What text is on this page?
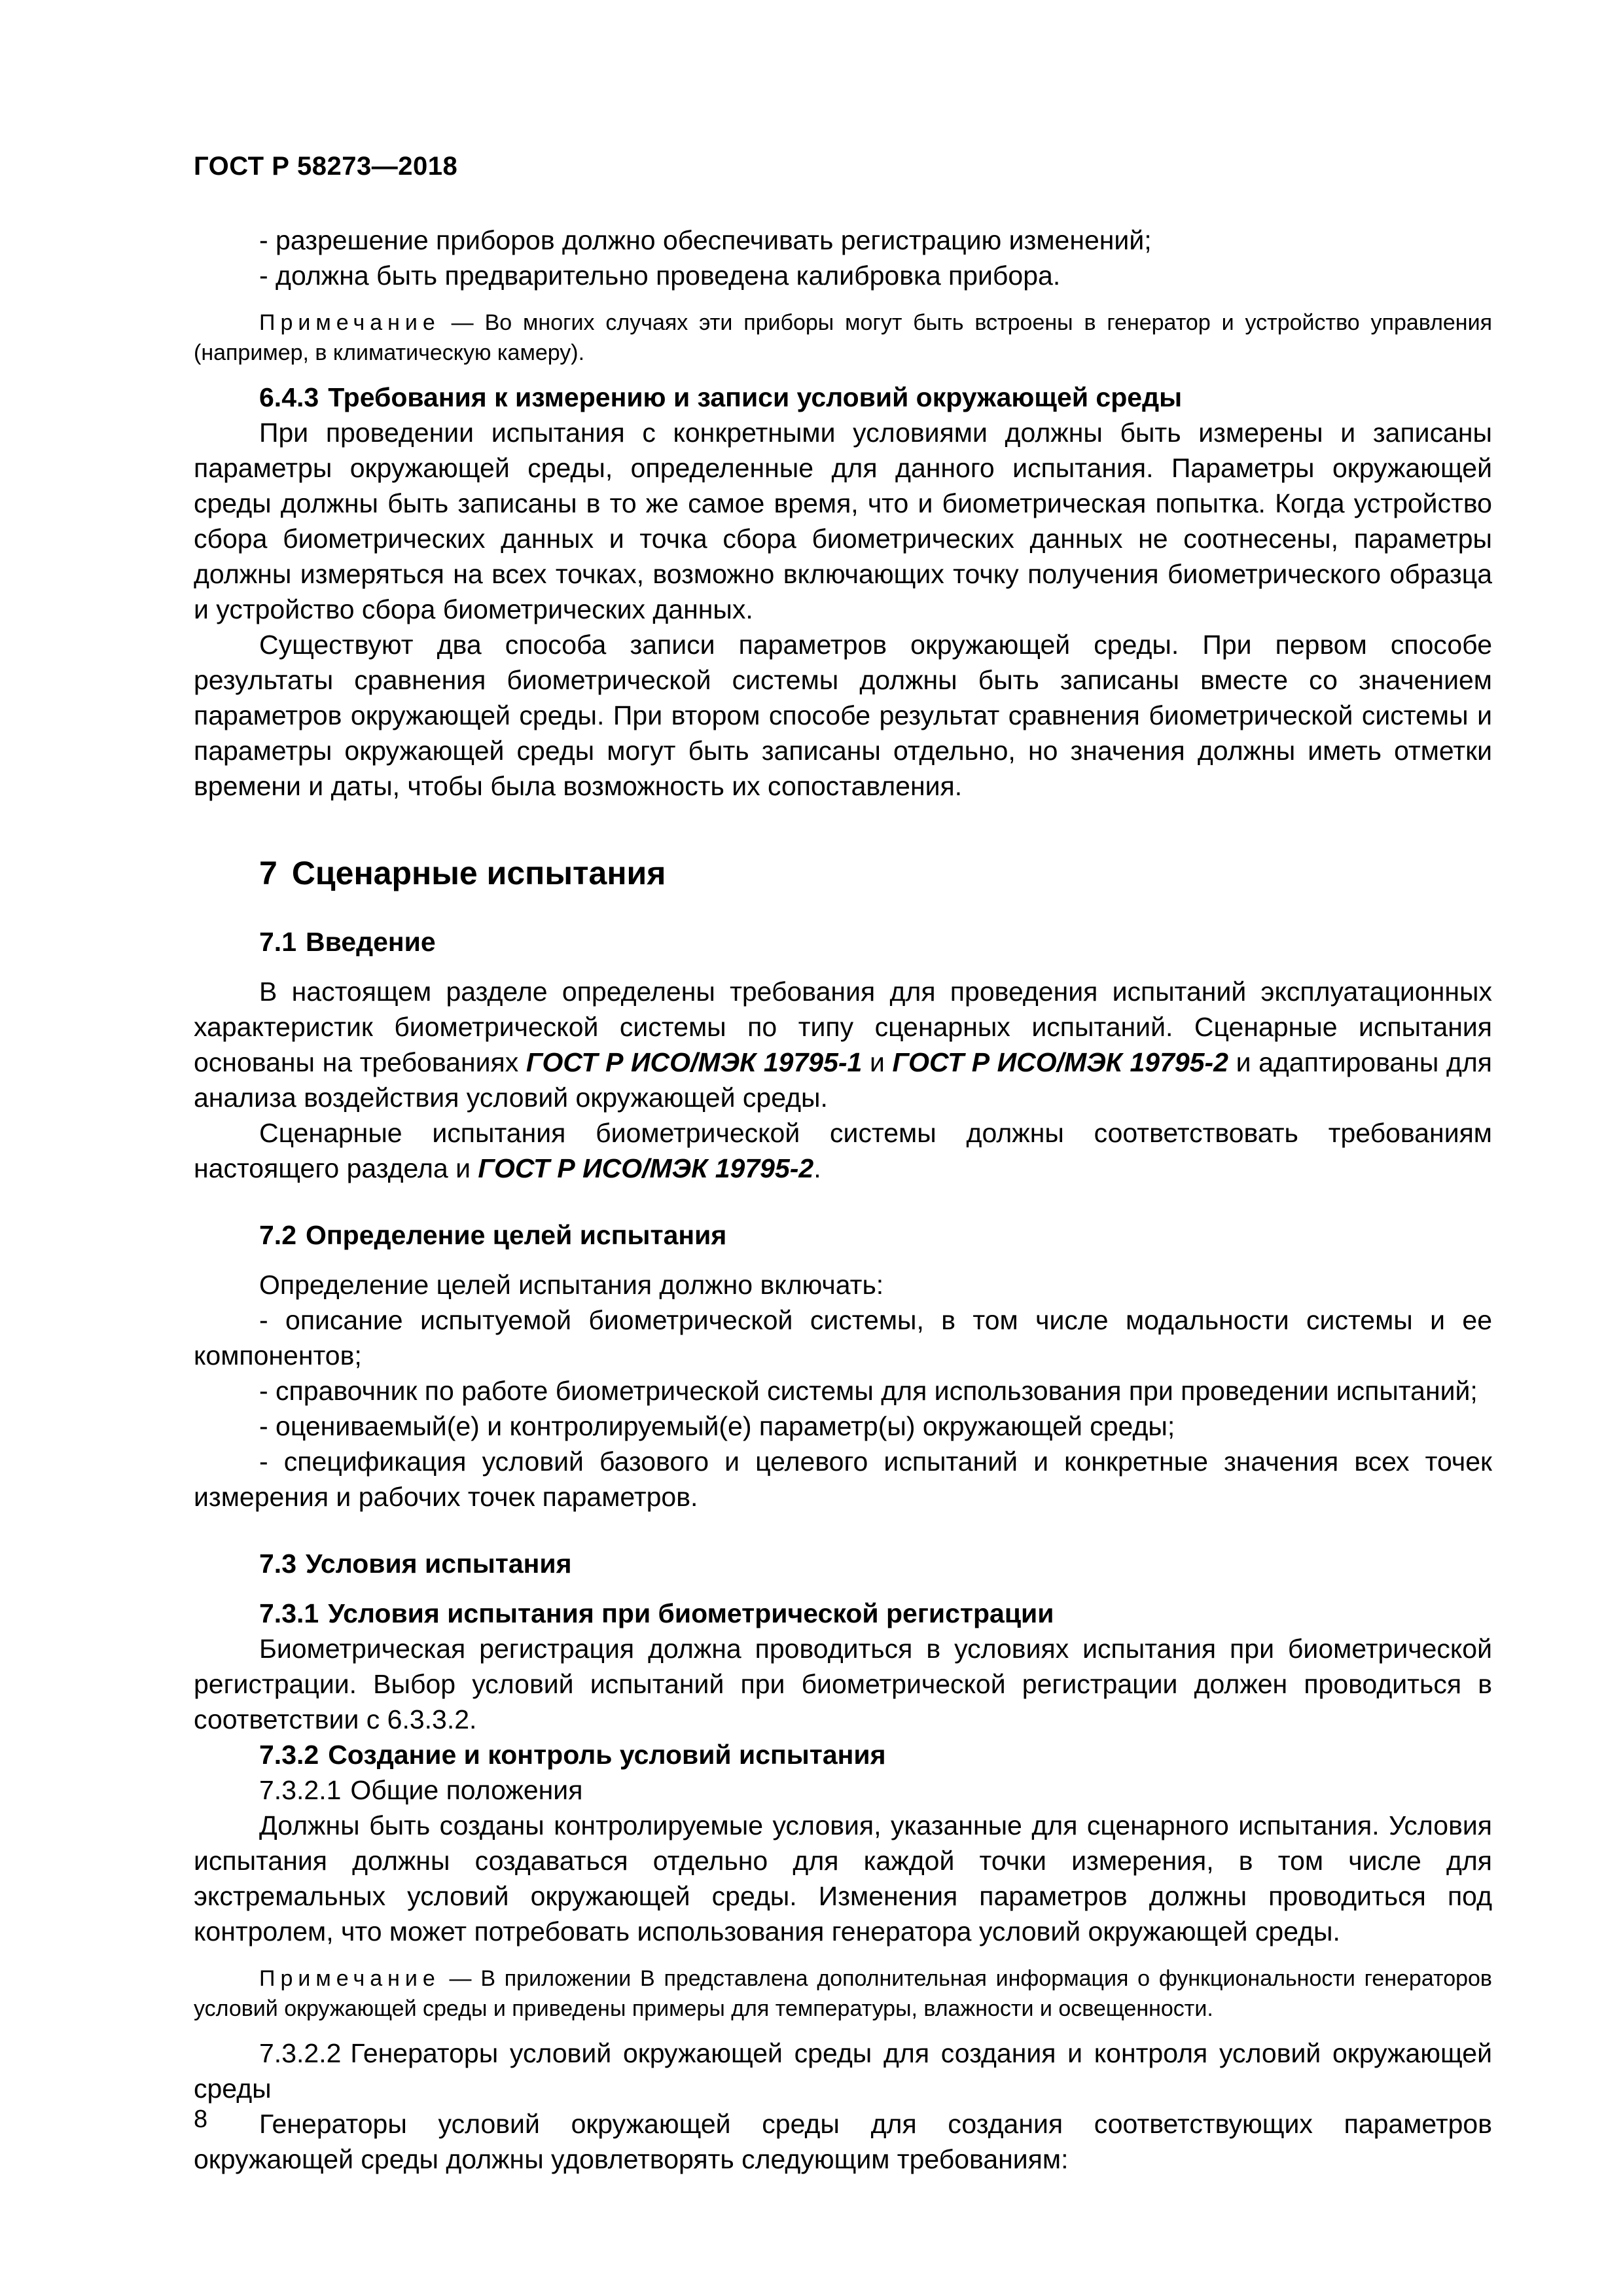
ГОСТ Р 58273—2018

- разрешение приборов должно обеспечивать регистрацию изменений;

- должна быть предварительно проведена калибровка прибора.

Примечание — Во многих случаях эти приборы могут быть встроены в генератор и устройство управления (например, в климатическую камеру).

6.4.3 Требования к измерению и записи условий окружающей среды

При проведении испытания с конкретными условиями должны быть измерены и записаны параметры окружающей среды, определенные для данного испытания. Параметры окружающей среды должны быть записаны в то же самое время, что и биометрическая попытка. Когда устройство сбора биометрических данных и точка сбора биометрических данных не соотнесены, параметры должны измеряться на всех точках, возможно включающих точку получения биометрического образца и устройство сбора биометрических данных.

Существуют два способа записи параметров окружающей среды. При первом способе результаты сравнения биометрической системы должны быть записаны вместе со значением параметров окружающей среды. При втором способе результат сравнения биометрической системы и параметры окружающей среды могут быть записаны отдельно, но значения должны иметь отметки времени и даты, чтобы была возможность их сопоставления.

7 Сценарные испытания
7.1 Введение

В настоящем разделе определены требования для проведения испытаний эксплуатационных характеристик биометрической системы по типу сценарных испытаний. Сценарные испытания основаны на требованиях ГОСТ Р ИСО/МЭК 19795-1 и ГОСТ Р ИСО/МЭК 19795-2 и адаптированы для анализа воздействия условий окружающей среды.

Сценарные испытания биометрической системы должны соответствовать требованиям настоящего раздела и ГОСТ Р ИСО/МЭК 19795-2.

7.2 Определение целей испытания

Определение целей испытания должно включать:

- описание испытуемой биометрической системы, в том числе модальности системы и ее компонентов;

- справочник по работе биометрической системы для использования при проведении испытаний;

- оцениваемый(е) и контролируемый(е) параметр(ы) окружающей среды;

- спецификация условий базового и целевого испытаний и конкретные значения всех точек измерения и рабочих точек параметров.

7.3 Условия испытания
7.3.1 Условия испытания при биометрической регистрации

Биометрическая регистрация должна проводиться в условиях испытания при биометрической регистрации. Выбор условий испытаний при биометрической регистрации должен проводиться в соответствии с 6.3.3.2.

7.3.2 Создание и контроль условий испытания
7.3.2.1 Общие положения

Должны быть созданы контролируемые условия, указанные для сценарного испытания. Условия испытания должны создаваться отдельно для каждой точки измерения, в том числе для экстремальных условий окружающей среды. Изменения параметров должны проводиться под контролем, что может потребовать использования генератора условий окружающей среды.

Примечание — В приложении В представлена дополнительная информация о функциональности генераторов условий окружающей среды и приведены примеры для температуры, влажности и освещенности.

7.3.2.2 Генераторы условий окружающей среды для создания и контроля условий окружающей среды

Генераторы условий окружающей среды для создания соответствующих параметров окружающей среды должны удовлетворять следующим требованиям:

8
